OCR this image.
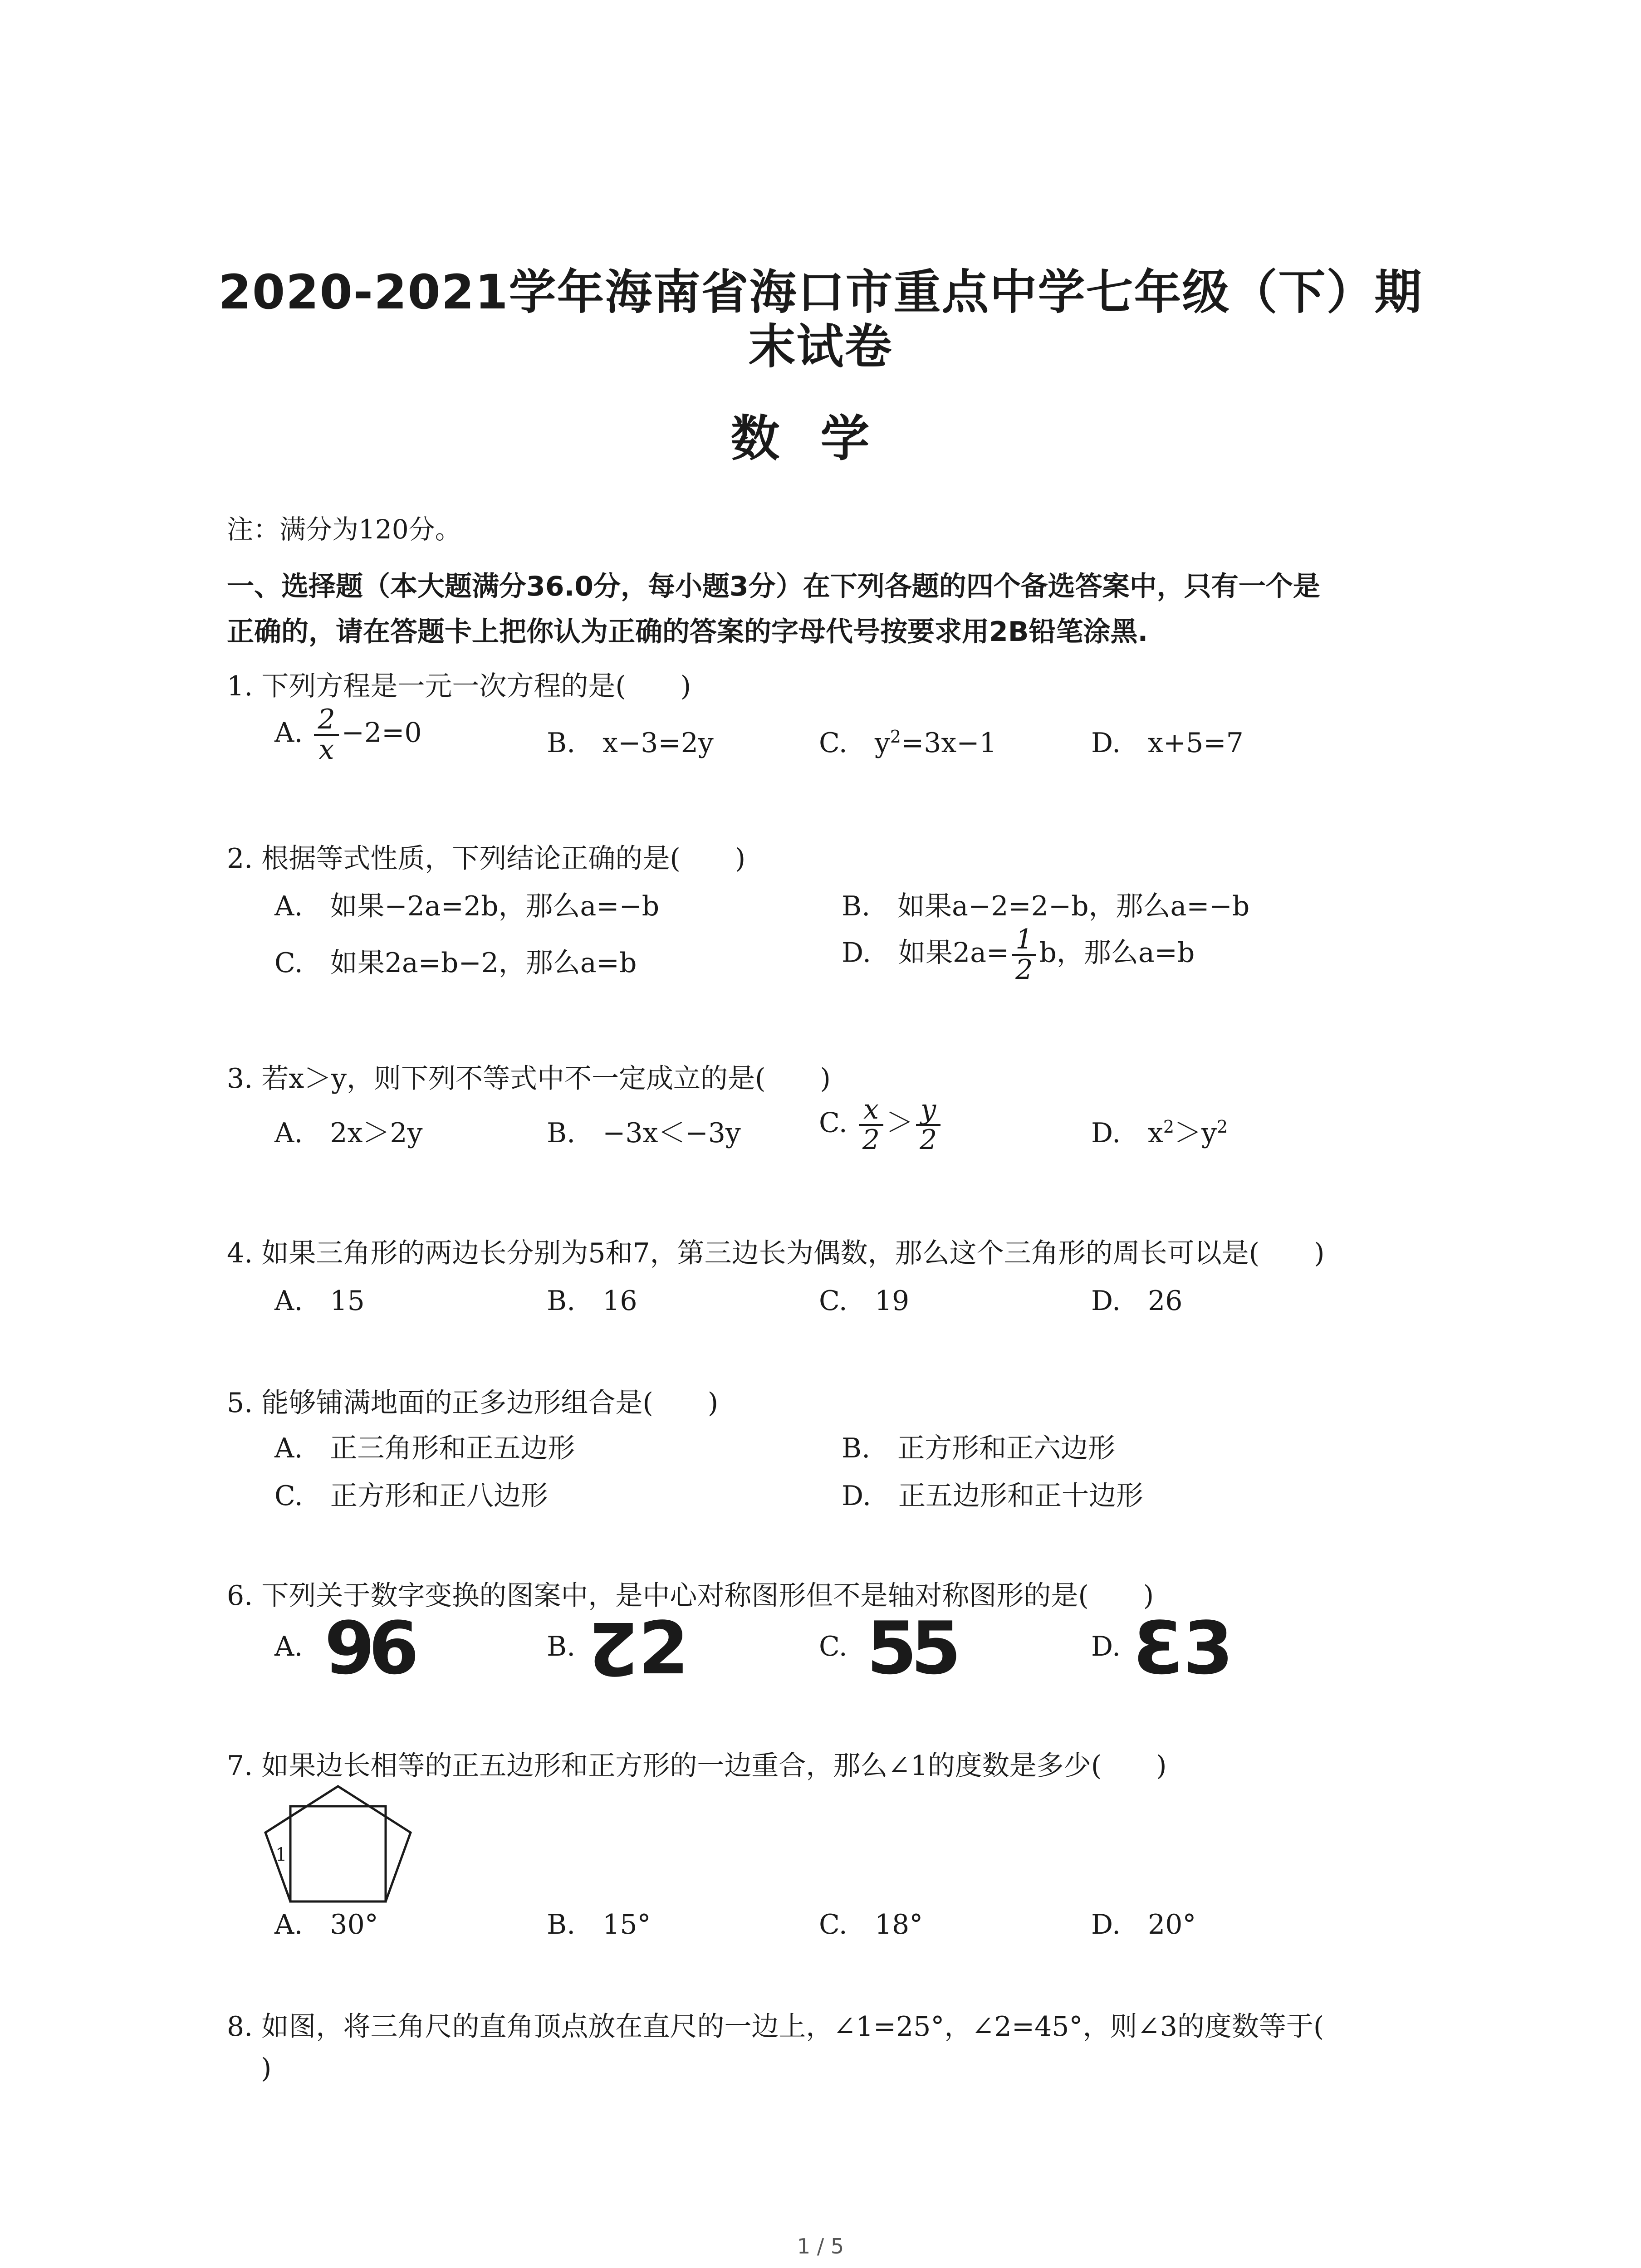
2020-2021学年海南省海口市重点中学七年级（下）期
末试卷
数学
注：满分为120分。
一、选择题（本大题满分36.0分，每小题3分）在下列各题的四个备选答案中，只有一个是
正确的，请在答题卡上把你认为正确的答案的字母代号按要求用2B铅笔涂黑.
1. 下列方程是一元一次方程的是(　　)
A. $\frac{2}{x} -2=0$	B.　x−3=2y	C.　$y^2=3x-1$	D.　x+5=7
2. 根据等式性质，下列结论正确的是(　　)
A.　如果−2a=2b，那么a=−b	B.　如果a−2=2−b，那么a=−b
C.　如果2a=b−2，那么a=b	D.　如果$2a= \frac{1}{2}$ b，那么a=b
3. 若x＞y，则下列不等式中不一定成立的是(　　)
A.　2x＞2y	B.　−3x＜−3y	C. $\frac{x}{2} > \frac{y}{2}$	D.　$x^2>y^2$
4. 如果三角形的两边长分别为5和7，第三边长为偶数，那么这个三角形的周长可以是(　　)
A.　15	B.　16	C.　19	D.　26
5. 能够铺满地面的正多边形组合是(　　)
A.　正三角形和正五边形	B.　正方形和正六边形
C.　正方形和正八边形	D.　正五边形和正十边形
6. 下列关于数字变换的图案中，是中心对称图形但不是轴对称图形的是(　　)
A. 96	B. 22	C. 55	D. 33
7. 如果边长相等的正五边形和正方形的一边重合，那么∠1的度数是多少(　　)
1
A.　30°	B.　15°	C.　18°	D.　20°
8. 如图，将三角尺的直角顶点放在直尺的一边上，∠1=25°，∠2=45°，则∠3的度数等于(
)
1 / 5
